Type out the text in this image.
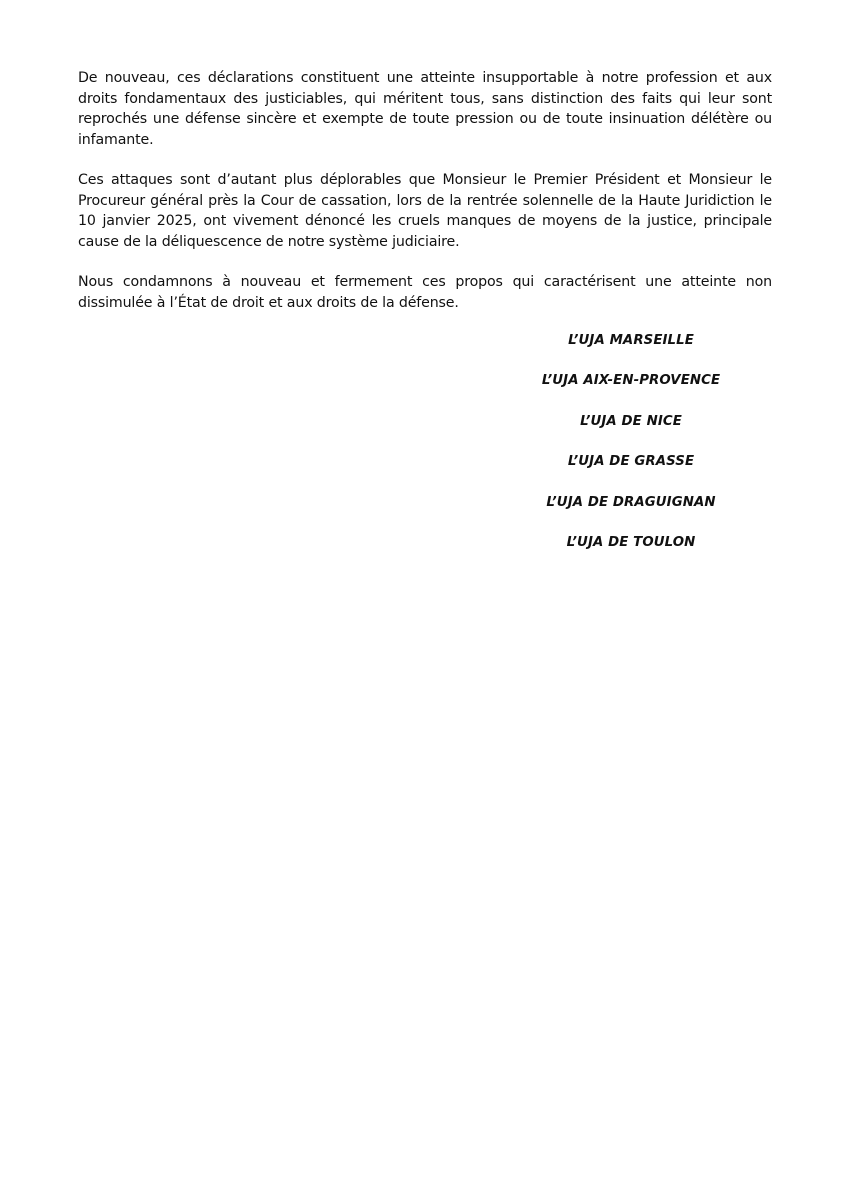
De nouveau, ces déclarations constituent une atteinte insupportable à notre profession et aux droits fondamentaux des justiciables, qui méritent tous, sans distinction des faits qui leur sont reprochés une défense sincère et exempte de toute pression ou de toute insinuation délétère ou infamante.

Ces attaques sont d’autant plus déplorables que Monsieur le Premier Président et Monsieur le Procureur général près la Cour de cassation, lors de la rentrée solennelle de la Haute Juridiction le 10 janvier 2025, ont vivement dénoncé les cruels manques de moyens de la justice, principale cause de la déliquescence de notre système judiciaire.

Nous condamnons à nouveau et fermement ces propos qui caractérisent une atteinte non dissimulée à l’État de droit et aux droits de la défense.

L’UJA MARSEILLE
L’UJA AIX-EN-PROVENCE
L’UJA DE NICE
L’UJA DE GRASSE
L’UJA DE DRAGUIGNAN
L’UJA DE TOULON
